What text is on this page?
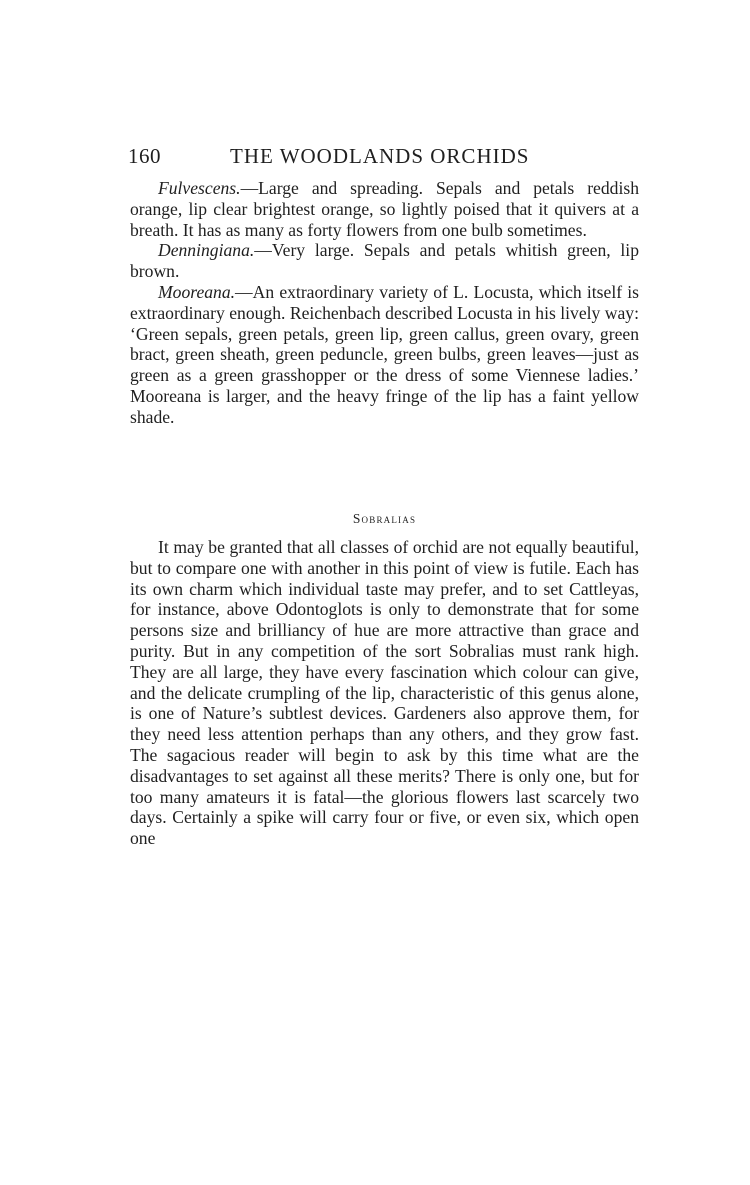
160	THE WOODLANDS ORCHIDS

Fulvescens.—Large and spreading. Sepals and petals reddish orange, lip clear brightest orange, so lightly poised that it quivers at a breath. It has as many as forty flowers from one bulb sometimes.

Denningiana.—Very large. Sepals and petals whitish green, lip brown.

Mooreana.—An extraordinary variety of L. Locusta, which itself is extraordinary enough. Reichenbach described Locusta in his lively way: ‘Green sepals, green petals, green lip, green callus, green ovary, green bract, green sheath, green peduncle, green bulbs, green leaves—just as green as a green grasshopper or the dress of some Viennese ladies.’ Mooreana is larger, and the heavy fringe of the lip has a faint yellow shade.

Sobralias

It may be granted that all classes of orchid are not equally beautiful, but to compare one with another in this point of view is futile. Each has its own charm which individual taste may prefer, and to set Cattleyas, for instance, above Odontoglots is only to demonstrate that for some persons size and brilliancy of hue are more attractive than grace and purity. But in any competition of the sort Sobralias must rank high. They are all large, they have every fascination which colour can give, and the delicate crumpling of the lip, characteristic of this genus alone, is one of Nature’s subtlest devices. Gardeners also approve them, for they need less attention perhaps than any others, and they grow fast. The sagacious reader will begin to ask by this time what are the disadvantages to set against all these merits? There is only one, but for too many amateurs it is fatal—the glorious flowers last scarcely two days. Certainly a spike will carry four or five, or even six, which open one
